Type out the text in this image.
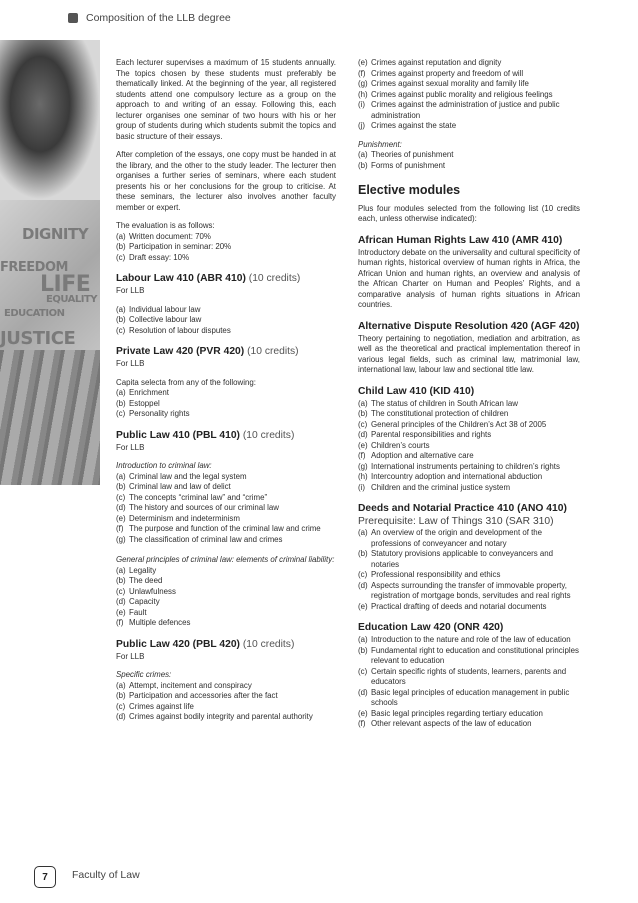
Composition of the LLB degree
DIGNITY
FREEDOM
LIFE
EQUALITY
EDUCATION
JUSTICE

Each lecturer supervises a maximum of 15 students annually. The topics chosen by these students must preferably be thematically linked. At the beginning of the year, all registered students attend one compulsory lecture as a group on the approach to and writing of an essay. Following this, each lecturer organises one seminar of two hours with his or her group of students during which students submit the topics and basic structure of their essays.

After completion of the essays, one copy must be handed in at the library, and the other to the study leader. The lecturer then organises a further series of seminars, where each student presents his or her conclusions for the group to criticise. At these seminars, the lecturer also involves another faculty member or expert.

The evaluation is as follows:

(a) Written document: 70%
(b) Participation in seminar: 20%
(c) Draft essay: 10%
Labour Law 410 (ABR 410) (10 credits)
For LLB
(a) Individual labour law
(b) Collective labour law
(c) Resolution of labour disputes
Private Law 420 (PVR 420) (10 credits)
For LLB

Capita selecta from any of the following:

(a) Enrichment
(b) Estoppel
(c) Personality rights
Public Law 410 (PBL 410) (10 credits)
For LLB

Introduction to criminal law:

(a) Criminal law and the legal system
(b) Criminal law and law of delict
(c) The concepts “criminal law” and “crime”
(d) The history and sources of our criminal law
(e) Determinism and indeterminism
(f) The purpose and function of the criminal law and crime
(g) The classification of criminal law and crimes

General principles of criminal law: elements of criminal liability:

(a) Legality
(b) The deed
(c) Unlawfulness
(d) Capacity
(e) Fault
(f) Multiple defences
Public Law 420 (PBL 420) (10 credits)
For LLB

Specific crimes:

(a) Attempt, incitement and conspiracy
(b) Participation and accessories after the fact
(c) Crimes against life
(d) Crimes against bodily integrity and parental authority
(e) Crimes against reputation and dignity
(f) Crimes against property and freedom of will
(g) Crimes against sexual morality and family life
(h) Crimes against public morality and religious feelings
(i) Crimes against the administration of justice and public administration
(j) Crimes against the state

Punishment:

(a) Theories of punishment
(b) Forms of punishment
Elective modules

Plus four modules selected from the following list (10 credits each, unless otherwise indicated):

African Human Rights Law 410 (AMR 410)

Introductory debate on the universality and cultural specificity of human rights, historical overview of human rights in Africa, the African Union and human rights, an overview and analysis of the African Charter on Human and Peoples’ Rights, and a comparative analysis of human rights situations in African countries.

Alternative Dispute Resolution 420 (AGF 420)

Theory pertaining to negotiation, mediation and arbitration, as well as the theoretical and practical implementation thereof in various legal fields, such as criminal law, matrimonial law, international law, labour law and sectional title law.

Child Law 410 (KID 410)
(a) The status of children in South African law
(b) The constitutional protection of children
(c) General principles of the Children’s Act 38 of 2005
(d) Parental responsibilities and rights
(e) Children’s courts
(f) Adoption and alternative care
(g) International instruments pertaining to children’s rights
(h) Intercountry adoption and international abduction
(i) Children and the criminal justice system
Deeds and Notarial Practice 410 (ANO 410)
Prerequisite: Law of Things 310 (SAR 310)
(a) An overview of the origin and development of the professions of conveyancer and notary
(b) Statutory provisions applicable to conveyancers and notaries
(c) Professional responsibility and ethics
(d) Aspects surrounding the transfer of immovable property, registration of mortgage bonds, servitudes and real rights
(e) Practical drafting of deeds and notarial documents
Education Law 420 (ONR 420)
(a) Introduction to the nature and role of the law of education
(b) Fundamental right to education and constitutional principles relevant to education
(c) Certain specific rights of students, learners, parents and educators
(d) Basic legal principles of education management in public schools
(e) Basic legal principles regarding tertiary education
(f) Other relevant aspects of the law of education
7	Faculty of Law
